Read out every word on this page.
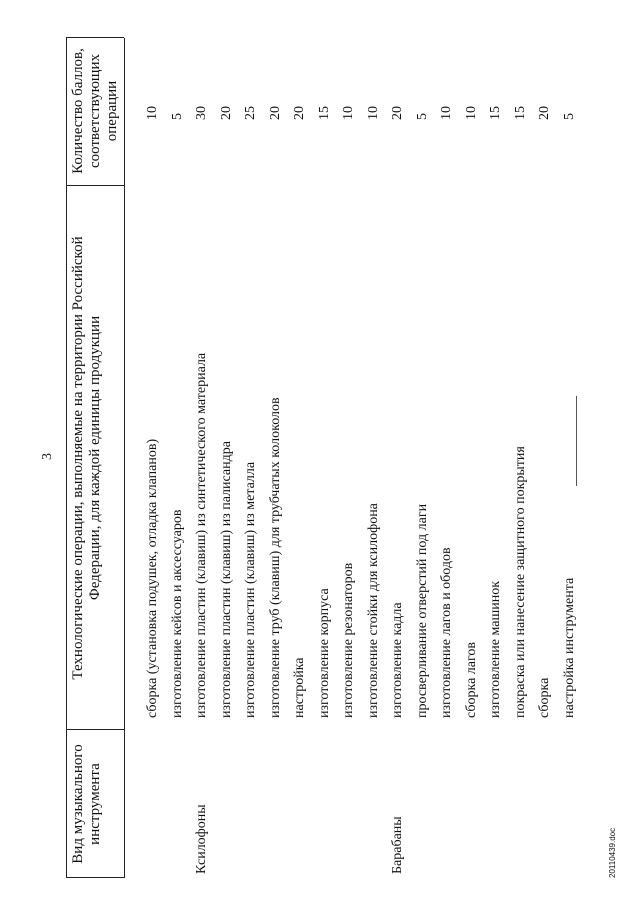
3
Вид музыкального инструмента
Технологические операции, выполняемые на территории Российской Федерации, для каждой единицы продукции
Количество баллов, соответствующих операции
сборка (установка подушек, отладка клапанов)
10
изготовление кейсов и аксессуаров
5
Ксилофоны
изготовление пластин (клавиш) из синтетического материала
30
изготовление пластин (клавиш) из палисандра
20
изготовление пластин (клавиш) из металла
25
изготовление труб (клавиш) для трубчатых колоколов
20
настройка
20
изготовление корпуса
15
изготовление резонаторов
10
изготовление стойки для ксилофона
10
Барабаны
изготовление кадла
20
просверливание отверстий под лаги
5
изготовление лагов и ободов
10
сборка лагов
10
изготовление машинок
15
покраска или нанесение защитного покрытия
15
сборка
20
настройка инструмента
5
20110439.doc
